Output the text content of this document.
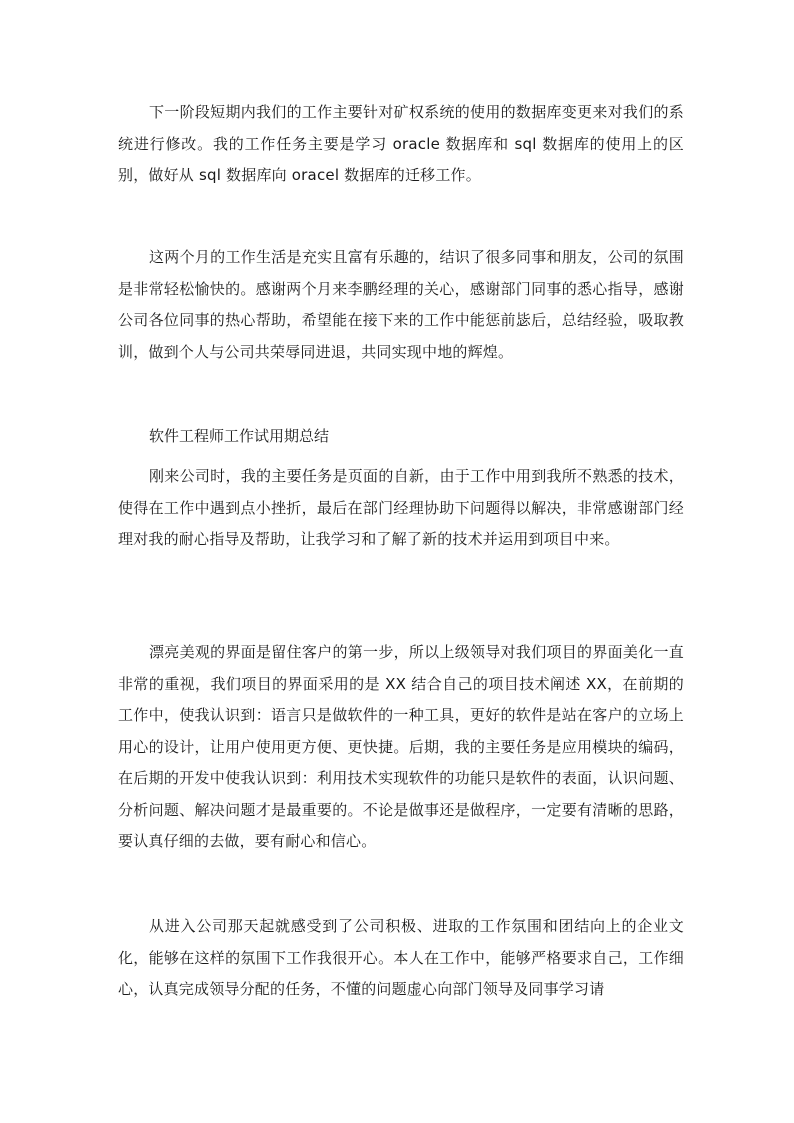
下一阶段短期内我们的工作主要针对矿权系统的使用的数据库变更来对我们的系统进行修改。我的工作任务主要是学习 oracle 数据库和 sql 数据库的使用上的区别，做好从 sql 数据库向 oracel 数据库的迁移工作。

这两个月的工作生活是充实且富有乐趣的，结识了很多同事和朋友，公司的氛围是非常轻松愉快的。感谢两个月来李鹏经理的关心，感谢部门同事的悉心指导，感谢公司各位同事的热心帮助，希望能在接下来的工作中能惩前毖后，总结经验，吸取教训，做到个人与公司共荣辱同进退，共同实现中地的辉煌。

软件工程师工作试用期总结

刚来公司时，我的主要任务是页面的自新，由于工作中用到我所不熟悉的技术，使得在工作中遇到点小挫折，最后在部门经理协助下问题得以解决，非常感谢部门经理对我的耐心指导及帮助，让我学习和了解了新的技术并运用到项目中来。

漂亮美观的界面是留住客户的第一步，所以上级领导对我们项目的界面美化一直非常的重视，我们项目的界面采用的是 XX 结合自己的项目技术阐述 XX，在前期的工作中，使我认识到：语言只是做软件的一种工具，更好的软件是站在客户的立场上用心的设计，让用户使用更方便、更快捷。后期，我的主要任务是应用模块的编码，在后期的开发中使我认识到：利用技术实现软件的功能只是软件的表面，认识问题、分析问题、解决问题才是最重要的。不论是做事还是做程序，一定要有清晰的思路，要认真仔细的去做，要有耐心和信心。

从进入公司那天起就感受到了公司积极、进取的工作氛围和团结向上的企业文化，能够在这样的氛围下工作我很开心。本人在工作中，能够严格要求自己，工作细心，认真完成领导分配的任务，不懂的问题虚心向部门领导及同事学习请
